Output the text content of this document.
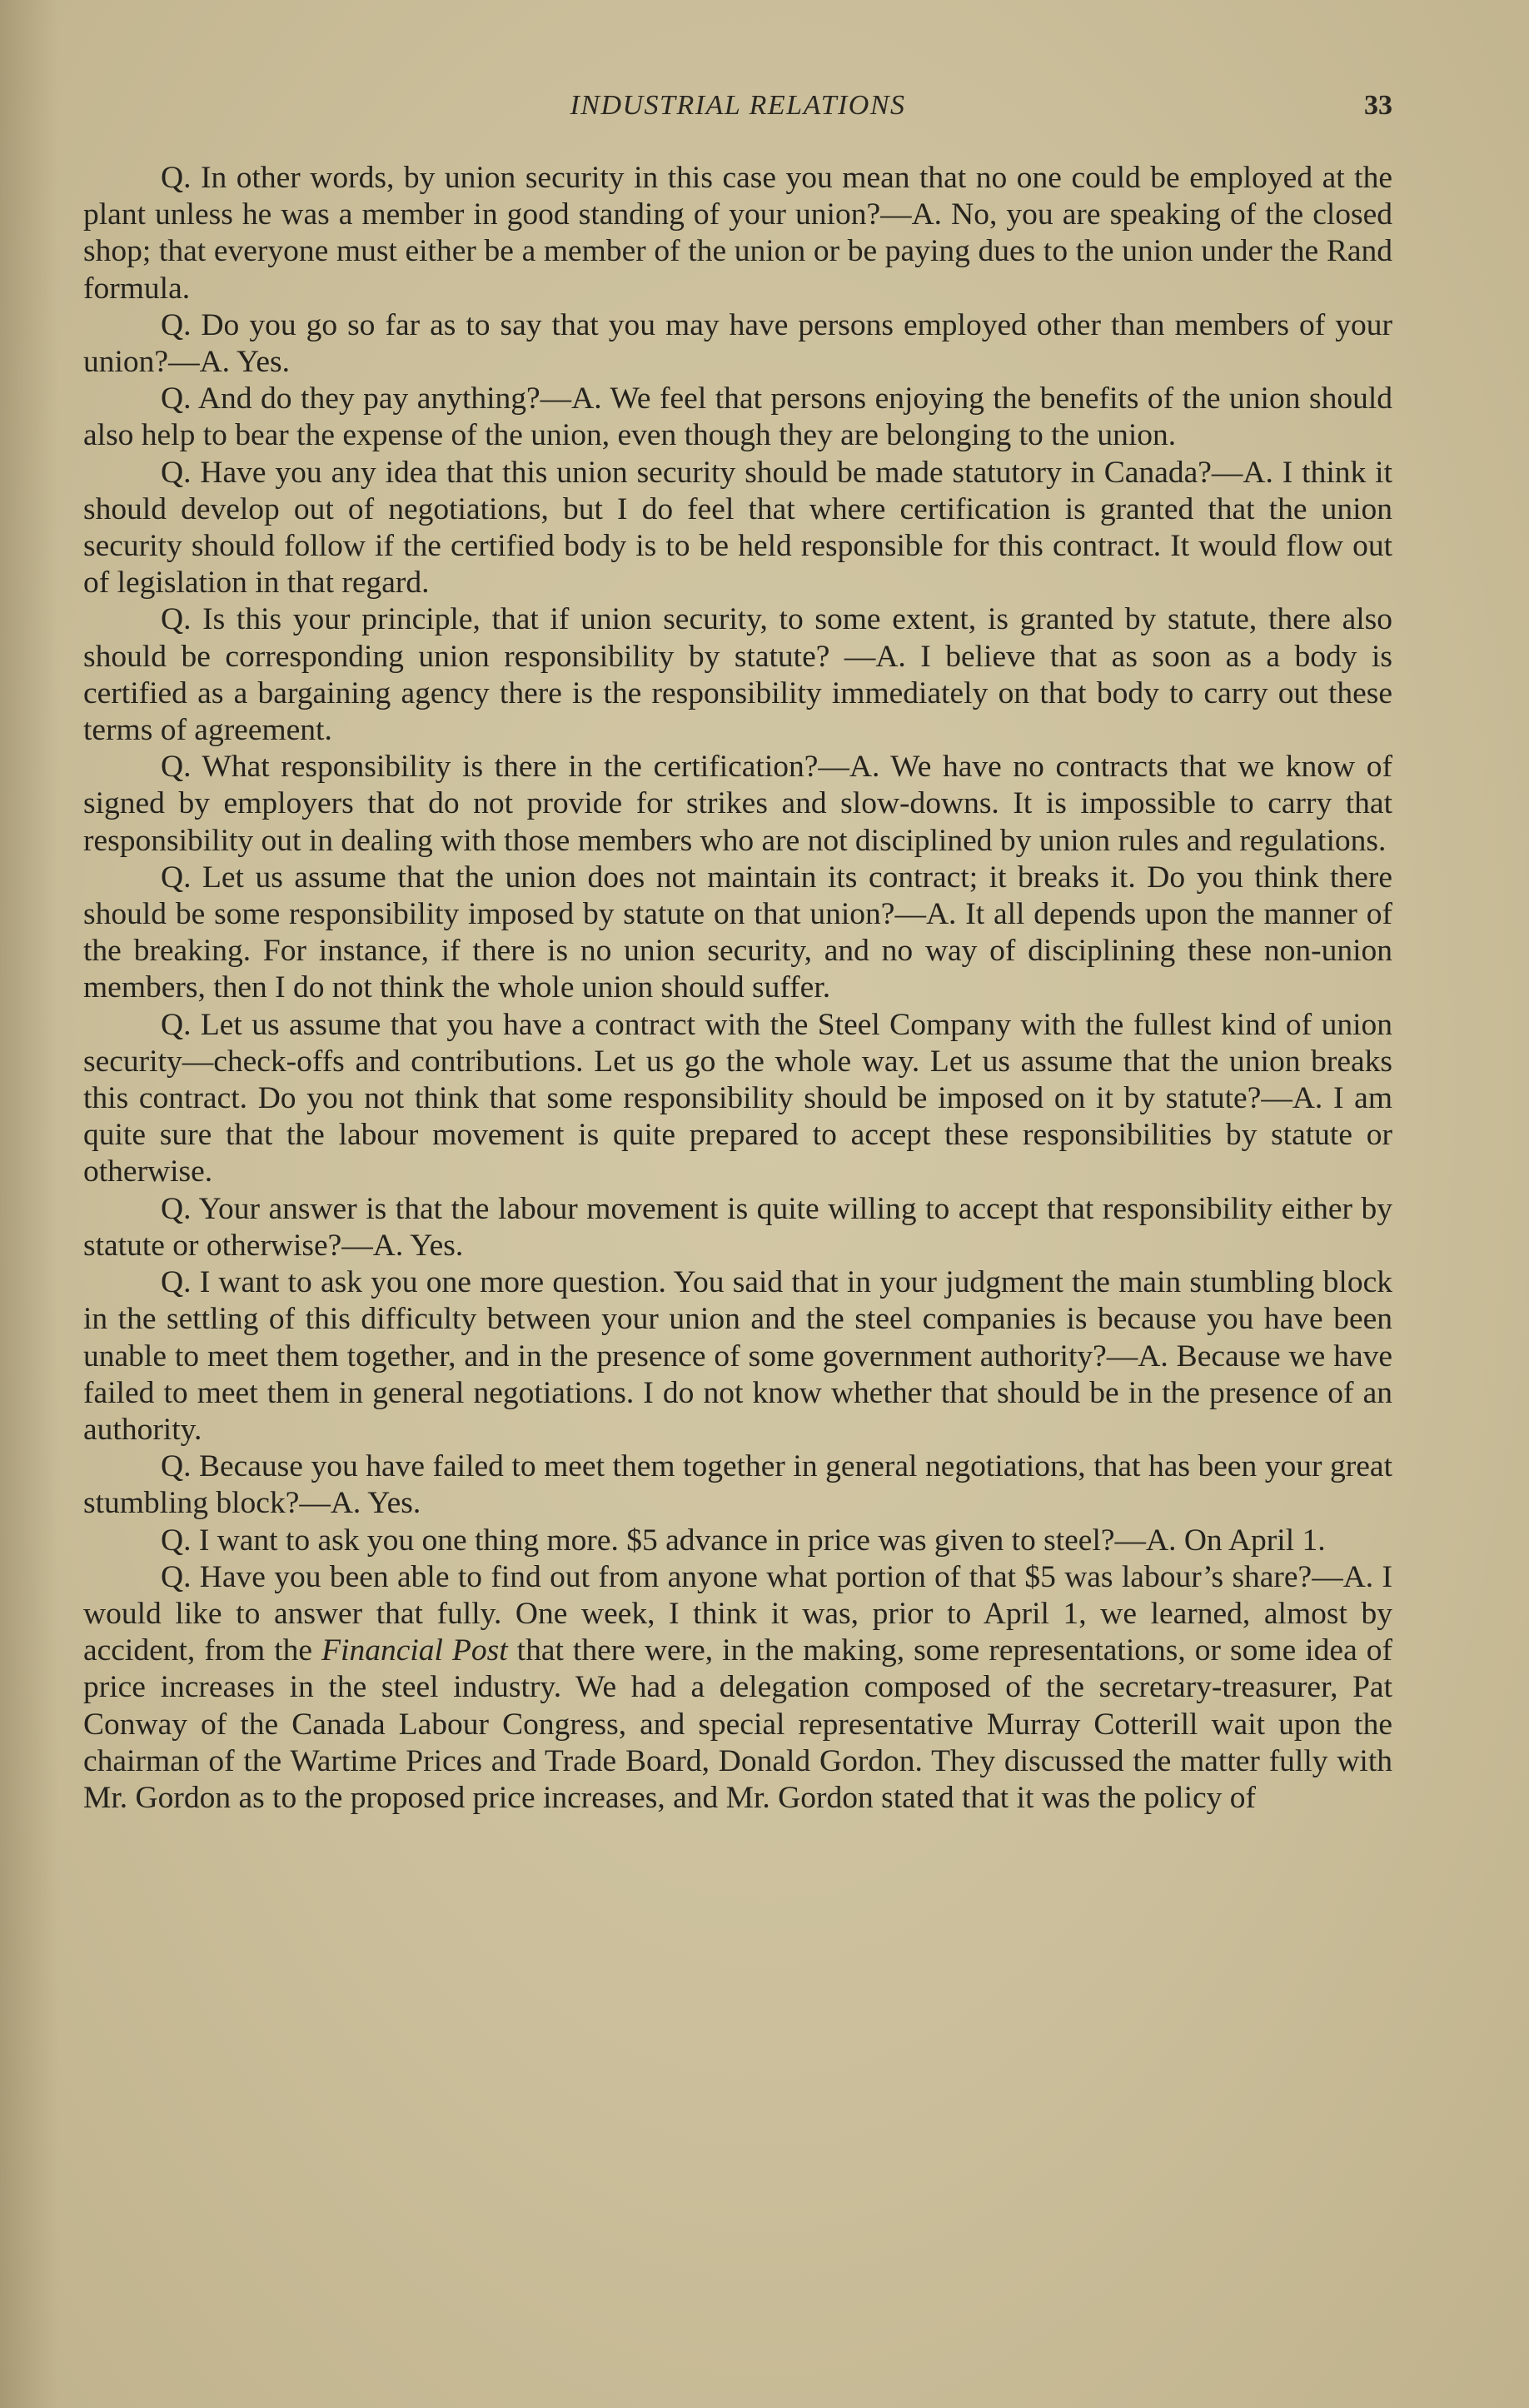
INDUSTRIAL RELATIONS	33

Q. In other words, by union security in this case you mean that no one could be employed at the plant unless he was a member in good standing of your union?—A. No, you are speaking of the closed shop; that everyone must either be a member of the union or be paying dues to the union under the Rand formula.

Q. Do you go so far as to say that you may have persons employed other than members of your union?—A. Yes.

Q. And do they pay anything?—A. We feel that persons enjoying the benefits of the union should also help to bear the expense of the union, even though they are belonging to the union.

Q. Have you any idea that this union security should be made statutory in Canada?—A. I think it should develop out of negotiations, but I do feel that where certification is granted that the union security should follow if the certified body is to be held responsible for this contract. It would flow out of legislation in that regard.

Q. Is this your principle, that if union security, to some extent, is granted by statute, there also should be corresponding union responsibility by statute? —A. I believe that as soon as a body is certified as a bargaining agency there is the responsibility immediately on that body to carry out these terms of agreement.

Q. What responsibility is there in the certification?—A. We have no contracts that we know of signed by employers that do not provide for strikes and slow-downs. It is impossible to carry that responsibility out in dealing with those members who are not disciplined by union rules and regulations.

Q. Let us assume that the union does not maintain its contract; it breaks it. Do you think there should be some responsibility imposed by statute on that union?—A. It all depends upon the manner of the breaking. For instance, if there is no union security, and no way of disciplining these non-union members, then I do not think the whole union should suffer.

Q. Let us assume that you have a contract with the Steel Company with the fullest kind of union security—check-offs and contributions. Let us go the whole way. Let us assume that the union breaks this contract. Do you not think that some responsibility should be imposed on it by statute?—A. I am quite sure that the labour movement is quite prepared to accept these responsibilities by statute or otherwise.

Q. Your answer is that the labour movement is quite willing to accept that responsibility either by statute or otherwise?—A. Yes.

Q. I want to ask you one more question. You said that in your judgment the main stumbling block in the settling of this difficulty between your union and the steel companies is because you have been unable to meet them together, and in the presence of some government authority?—A. Because we have failed to meet them in general negotiations. I do not know whether that should be in the presence of an authority.

Q. Because you have failed to meet them together in general negotiations, that has been your great stumbling block?—A. Yes.

Q. I want to ask you one thing more. $5 advance in price was given to steel?—A. On April 1.

Q. Have you been able to find out from anyone what portion of that $5 was labour’s share?—A. I would like to answer that fully. One week, I think it was, prior to April 1, we learned, almost by accident, from the Financial Post that there were, in the making, some representations, or some idea of price increases in the steel industry. We had a delegation composed of the secretary-treasurer, Pat Conway of the Canada Labour Congress, and special representative Murray Cotterill wait upon the chairman of the Wartime Prices and Trade Board, Donald Gordon. They discussed the matter fully with Mr. Gordon as to the proposed price increases, and Mr. Gordon stated that it was the policy of
